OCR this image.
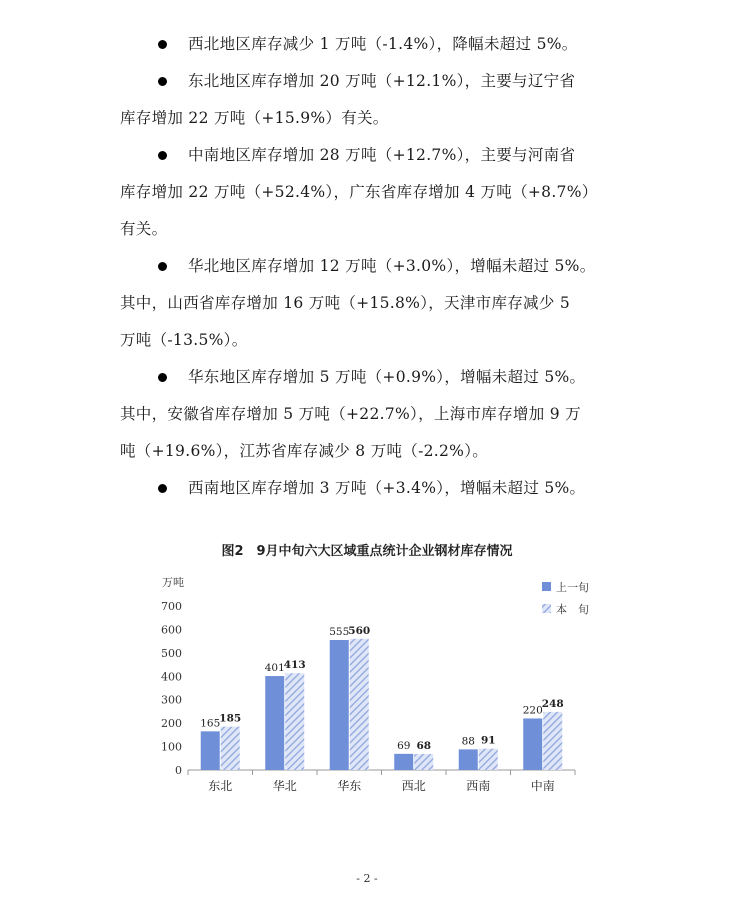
西北地区库存减少 1 万吨（-1.4%），降幅未超过 5%。
东北地区库存增加 20 万吨（+12.1%），主要与辽宁省
库存增加 22 万吨（+15.9%）有关。
中南地区库存增加 28 万吨（+12.7%），主要与河南省
库存增加 22 万吨（+52.4%），广东省库存增加 4 万吨（+8.7%）
有关。
华北地区库存增加 12 万吨（+3.0%），增幅未超过 5%。
其中，山西省库存增加 16 万吨（+15.8%），天津市库存减少 5
万吨（-13.5%）。
华东地区库存增加 5 万吨（+0.9%），增幅未超过 5%。
其中，安徽省库存增加 5 万吨（+22.7%），上海市库存增加 9 万
吨（+19.6%），江苏省库存减少 8 万吨（-2.2%）。
西南地区库存增加 3 万吨（+3.4%），增幅未超过 5%。
图2　9月中旬六大区域重点统计企业钢材库存情况
万吨
0
100
200
300
400
500
600
700
165 185
东北
401 413
华北
555 560
华东
69 68
西北
88 91
西南
220
248
中南
上一旬
本　旬
- 2 -
